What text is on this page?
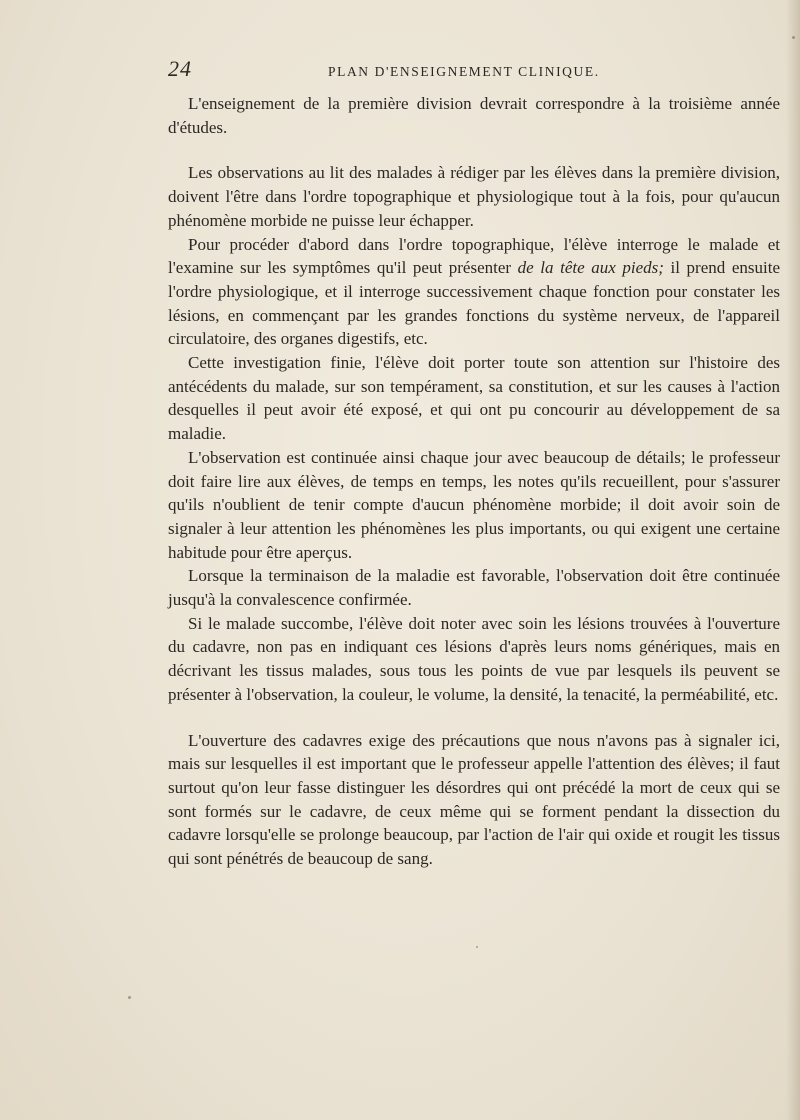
24	PLAN D'ENSEIGNEMENT CLINIQUE.

L'enseignement de la première division devrait correspondre à la troisième année d'études.

Les observations au lit des malades à rédiger par les élèves dans la première division, doivent l'être dans l'ordre topographique et physiologique tout à la fois, pour qu'aucun phénomène morbide ne puisse leur échapper.

Pour procéder d'abord dans l'ordre topographique, l'élève interroge le malade et l'examine sur les symptômes qu'il peut présenter de la tête aux pieds; il prend ensuite l'ordre physiologique, et il interroge successivement chaque fonction pour constater les lésions, en commençant par les grandes fonctions du système nerveux, de l'appareil circulatoire, des organes digestifs, etc.

Cette investigation finie, l'élève doit porter toute son attention sur l'histoire des antécédents du malade, sur son tempérament, sa constitution, et sur les causes à l'action desquelles il peut avoir été exposé, et qui ont pu concourir au développement de sa maladie.

L'observation est continuée ainsi chaque jour avec beaucoup de détails; le professeur doit faire lire aux élèves, de temps en temps, les notes qu'ils recueillent, pour s'assurer qu'ils n'oublient de tenir compte d'aucun phénomène morbide; il doit avoir soin de signaler à leur attention les phénomènes les plus importants, ou qui exigent une certaine habitude pour être aperçus.

Lorsque la terminaison de la maladie est favorable, l'observation doit être continuée jusqu'à la convalescence confirmée.

Si le malade succombe, l'élève doit noter avec soin les lésions trouvées à l'ouverture du cadavre, non pas en indiquant ces lésions d'après leurs noms génériques, mais en décrivant les tissus malades, sous tous les points de vue par lesquels ils peuvent se présenter à l'observation, la couleur, le volume, la densité, la tenacité, la perméabilité, etc.

L'ouverture des cadavres exige des précautions que nous n'avons pas à signaler ici, mais sur lesquelles il est important que le professeur appelle l'attention des élèves; il faut surtout qu'on leur fasse distinguer les désordres qui ont précédé la mort de ceux qui se sont formés sur le cadavre, de ceux même qui se forment pendant la dissection du cadavre lorsqu'elle se prolonge beaucoup, par l'action de l'air qui oxide et rougit les tissus qui sont pénétrés de beaucoup de sang.
